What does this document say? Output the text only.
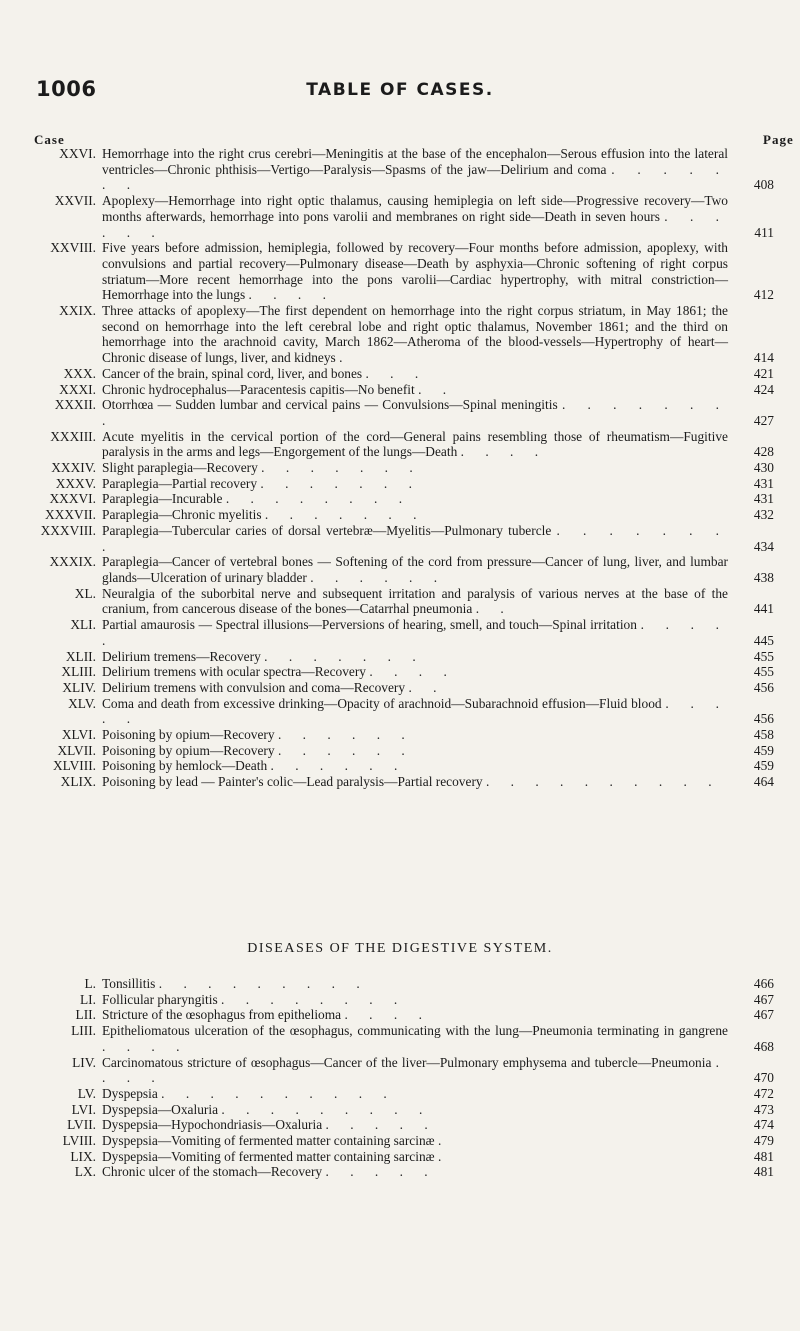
1006	TABLE OF CASES.
Case	Page
XXVI. Hemorrhage into the right crus cerebri—Meningitis at the base of the encephalon—Serous effusion into the lateral ventricles—Chronic phthisis—Vertigo—Paralysis—Spasms of the jaw—Delirium and coma . . . . . . .	408
XXVII. Apoplexy—Hemorrhage into right optic thalamus, causing hemiplegia on left side—Progressive recovery—Two months afterwards, hemorrhage into pons varolii and membranes on right side—Death in seven hours . . . . . .	411
XXVIII. Five years before admission, hemiplegia, followed by recovery—Four months before admission, apoplexy, with convulsions and partial recovery—Pulmonary disease—Death by asphyxia—Chronic softening of right corpus striatum—More recent hemorrhage into the pons varolii—Cardiac hypertrophy, with mitral constriction—Hemorrhage into the lungs . . . .	412
XXIX. Three attacks of apoplexy—The first dependent on hemorrhage into the right corpus striatum, in May 1861; the second on hemorrhage into the left cerebral lobe and right optic thalamus, November 1861; and the third on hemorrhage into the arachnoid cavity, March 1862—Atheroma of the blood-vessels—Hypertrophy of heart—Chronic disease of lungs, liver, and kidneys .	414
XXX. Cancer of the brain, spinal cord, liver, and bones . . .	421
XXXI. Chronic hydrocephalus—Paracentesis capitis—No benefit . .	424
XXXII. Otorrhœa — Sudden lumbar and cervical pains — Convulsions—Spinal meningitis . . . . . . . .	427
XXXIII. Acute myelitis in the cervical portion of the cord—General pains resembling those of rheumatism—Fugitive paralysis in the arms and legs—Engorgement of the lungs—Death . . . .	428
XXXIV. Slight paraplegia—Recovery . . . . . . .	430
XXXV. Paraplegia—Partial recovery . . . . . . .	431
XXXVI. Paraplegia—Incurable . . . . . . . .	431
XXXVII. Paraplegia—Chronic myelitis . . . . . . .	432
XXXVIII. Paraplegia—Tubercular caries of dorsal vertebræ—Myelitis—Pulmonary tubercle . . . . . . . .	434
XXXIX. Paraplegia—Cancer of vertebral bones — Softening of the cord from pressure—Cancer of lung, liver, and lumbar glands—Ulceration of urinary bladder . . . . . .	438
XL. Neuralgia of the suborbital nerve and subsequent irritation and paralysis of various nerves at the base of the cranium, from cancerous disease of the bones—Catarrhal pneumonia . .	441
XLI. Partial amaurosis — Spectral illusions—Perversions of hearing, smell, and touch—Spinal irritation . . . . .	445
XLII. Delirium tremens—Recovery . . . . . . .	455
XLIII. Delirium tremens with ocular spectra—Recovery . . . .	455
XLIV. Delirium tremens with convulsion and coma—Recovery . .	456
XLV. Coma and death from excessive drinking—Opacity of arachnoid—Subarachnoid effusion—Fluid blood . . . . .	456
XLVI. Poisoning by opium—Recovery . . . . . .	458
XLVII. Poisoning by opium—Recovery . . . . . .	459
XLVIII. Poisoning by hemlock—Death . . . . . .	459
XLIX. Poisoning by lead — Painter's colic—Lead paralysis—Partial recovery . . . . . . . . . .	464
DISEASES OF THE DIGESTIVE SYSTEM.
L. Tonsillitis . . . . . . . . .	466
LI. Follicular pharyngitis . . . . . . . .	467
LII. Stricture of the œsophagus from epithelioma . . . .	467
LIII. Epitheliomatous ulceration of the œsophagus, communicating with the lung—Pneumonia terminating in gangrene . . . .	468
LIV. Carcinomatous stricture of œsophagus—Cancer of the liver—Pulmonary emphysema and tubercle—Pneumonia . . . .	470
LV. Dyspepsia . . . . . . . . . .	472
LVI. Dyspepsia—Oxaluria . . . . . . . . .	473
LVII. Dyspepsia—Hypochondriasis—Oxaluria . . . . .	474
LVIII. Dyspepsia—Vomiting of fermented matter containing sarcinæ .	479
LIX. Dyspepsia—Vomiting of fermented matter containing sarcinæ .	481
LX. Chronic ulcer of the stomach—Recovery . . . . .	481
